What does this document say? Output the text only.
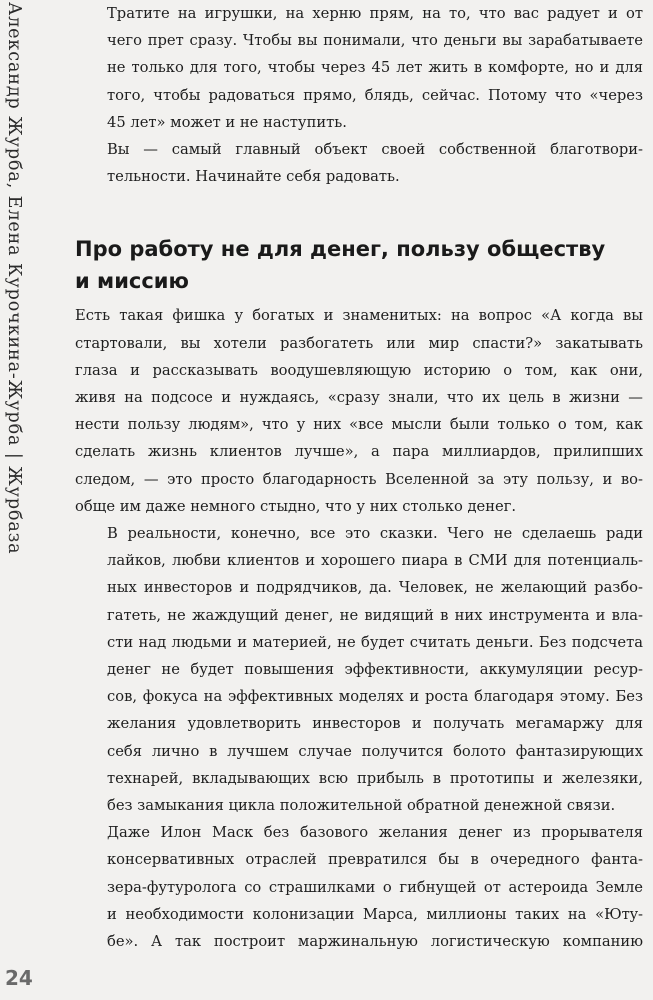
Александр Журба, Елена Курочкина-Журба | Журбаза
24

Тратите на игрушки, на херню прям, на то, что вас радует и от
чего прет сразу. Чтобы вы понимали, что деньги вы зарабатываете
не только для того, чтобы через 45 лет жить в комфорте, но и для
того, чтобы радоваться прямо, блядь, сейчас. Потому что «через
45 лет» может и не наступить.

Вы — самый главный объект своей собственной благотвори-
тельности. Начинайте себя радовать.

Про работу не для денег, пользу обществу
и миссию

Есть такая фишка у богатых и знаменитых: на вопрос «А когда вы
стартовали, вы хотели разбогатеть или мир спасти?» закатывать
глаза и рассказывать воодушевляющую историю о том, как они,
живя на подсосе и нуждаясь, «сразу знали, что их цель в жизни —
нести пользу людям», что у них «все мысли были только о том, как
сделать жизнь клиентов лучше», а пара миллиардов, прилипших
следом, — это просто благодарность Вселенной за эту пользу, и во-
обще им даже немного стыдно, что у них столько денег.

В реальности, конечно, все это сказки. Чего не сделаешь ради
лайков, любви клиентов и хорошего пиара в СМИ для потенциаль-
ных инвесторов и подрядчиков, да. Человек, не желающий разбо-
гатеть, не жаждущий денег, не видящий в них инструмента и вла-
сти над людьми и материей, не будет считать деньги. Без подсчета
денег не будет повышения эффективности, аккумуляции ресур-
сов, фокуса на эффективных моделях и роста благодаря этому. Без
желания удовлетворить инвесторов и получать мегамаржу для
себя лично в лучшем случае получится болото фантазирующих
технарей, вкладывающих всю прибыль в прототипы и железяки,
без замыкания цикла положительной обратной денежной связи.

Даже Илон Маск без базового желания денег из прорывателя
консервативных отраслей превратился бы в очередного фанта-
зера-футуролога со страшилками о гибнущей от астероида Земле
и необходимости колонизации Марса, миллионы таких на «Ютy-
бе». А так построит маржинальную логистическую компанию
